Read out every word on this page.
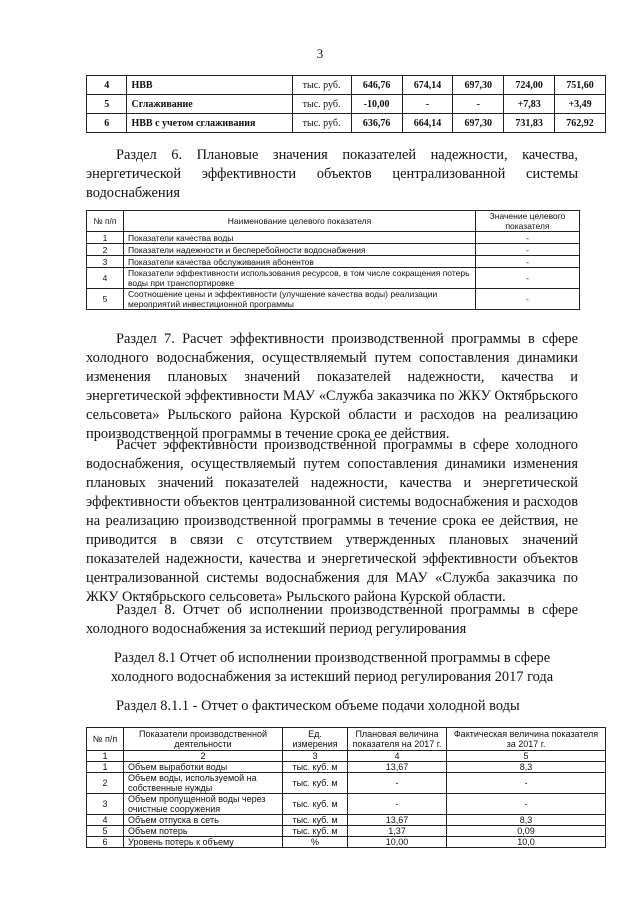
3
4	НВВ	тыс. руб.	646,76	674,14	697,30	724,00	751,60
5	Сглаживание	тыс. руб.	-10,00	-	-	+7,83	+3,49
6	НВВ с учетом сглаживания	тыс. руб.	636,76	664,14	697,30	731,83	762,92
Раздел 6. Плановые значения показателей надежности, качества, энергетической эффективности объектов централизованной системы водоснабжения
№ п/п	Наименование целевого показателя	Значение целевого показателя
1	Показатели качества воды	-
2	Показатели надежности и бесперебойности водоснабжения	-
3	Показатели качества обслуживания абонентов	-
4	Показатели эффективности использования ресурсов, в том числе сокращения потерь воды при транспортировке	-
5	Соотношение цены и эффективности (улучшение качества воды) реализации мероприятий инвестиционной программы	-
Раздел 7. Расчет эффективности производственной программы в сфере холодного водоснабжения, осуществляемый путем сопоставления динамики изменения плановых значений показателей надежности, качества и энергетической эффективности МАУ «Служба заказчика по ЖКУ Октябрьского сельсовета» Рыльского района Курской области и расходов на реализацию производственной программы в течение срока ее действия.
Расчет эффективности производственной программы в сфере холодного водоснабжения, осуществляемый путем сопоставления динамики изменения плановых значений показателей надежности, качества и энергетической эффективности объектов централизованной системы водоснабжения и расходов на реализацию производственной программы в течение срока ее действия, не приводится в связи с отсутствием утвержденных плановых значений показателей надежности, качества и энергетической эффективности объектов централизованной системы водоснабжения для МАУ «Служба заказчика по ЖКУ Октябрьского сельсовета» Рыльского района Курской области.
Раздел 8. Отчет об исполнении производственной программы в сфере холодного водоснабжения за истекший период регулирования
Раздел 8.1 Отчет об исполнении производственной программы в сфере холодного водоснабжения за истекший период регулирования 2017 года
Раздел 8.1.1 - Отчет о фактическом объеме подачи холодной воды
№ п/п	Показатели производственной деятельности	Ед. измерения	Плановая величина показателя на 2017 г.	Фактическая величина показателя за 2017 г.
1	2	3	4	5
1	Объем выработки воды	тыс. куб. м	13,67	8,3
2	Объем воды, используемой на собственные нужды	тыс. куб. м	-	-
3	Объем пропущенной воды через очистные сооружения	тыс. куб. м	-	-
4	Объем отпуска в сеть	тыс. куб. м	13,67	8,3
5	Объем потерь	тыс. куб. м	1,37	0,09
6	Уровень потерь к объему	%	10,00	10,0
